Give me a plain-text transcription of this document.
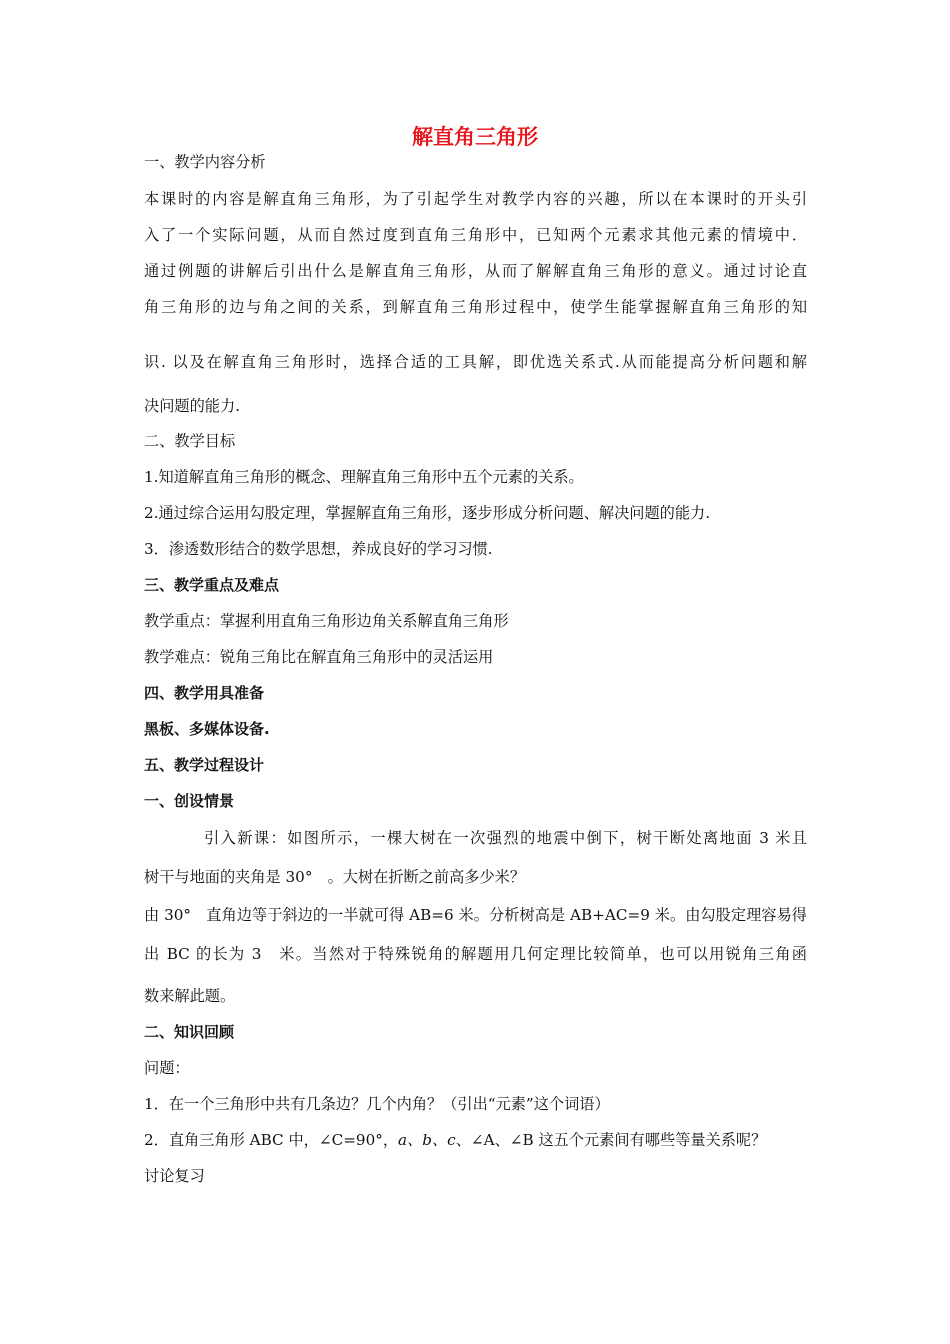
解直角三角形

一、教学内容分析

本课时的内容是解直角三角形，为了引起学生对教学内容的兴趣，所以在本课时的开头引

入了一个实际问题，从而自然过度到直角三角形中，已知两个元素求其他元素的情境中．

通过例题的讲解后引出什么是解直角三角形，从而了解解直角三角形的意义。通过讨论直

角三角形的边与角之间的关系，到解直角三角形过程中，使学生能掌握解直角三角形的知

识. 以及在解直角三角形时，选择合适的工具解，即优选关系式.从而能提高分析问题和解

决问题的能力.

二、教学目标

1.知道解直角三角形的概念、理解直角三角形中五个元素的关系。

2.通过综合运用勾股定理，掌握解直角三角形，逐步形成分析问题、解决问题的能力.

3．渗透数形结合的数学思想，养成良好的学习习惯.

三、教学重点及难点

教学重点：掌握利用直角三角形边角关系解直角三角形

教学难点：锐角三角比在解直角三角形中的灵活运用

四、教学用具准备

黑板、多媒体设备.

五、教学过程设计

一、创设情景

引入新课：如图所示，一棵大树在一次强烈的地震中倒下，树干断处离地面 3 米且

树干与地面的夹角是 30°　。大树在折断之前高多少米？

由 30°　直角边等于斜边的一半就可得 AB=6 米。分析树高是 AB+AC=9 米。由勾股定理容易得

出 BC 的长为 3　米。当然对于特殊锐角的解题用几何定理比较简单，也可以用锐角三角函

数来解此题。

二、知识回顾

问题：

1．在一个三角形中共有几条边？几个内角？（引出“元素”这个词语）

2．直角三角形 ABC 中，∠C=90°，a、b、c、∠A、∠B 这五个元素间有哪些等量关系呢？

讨论复习
